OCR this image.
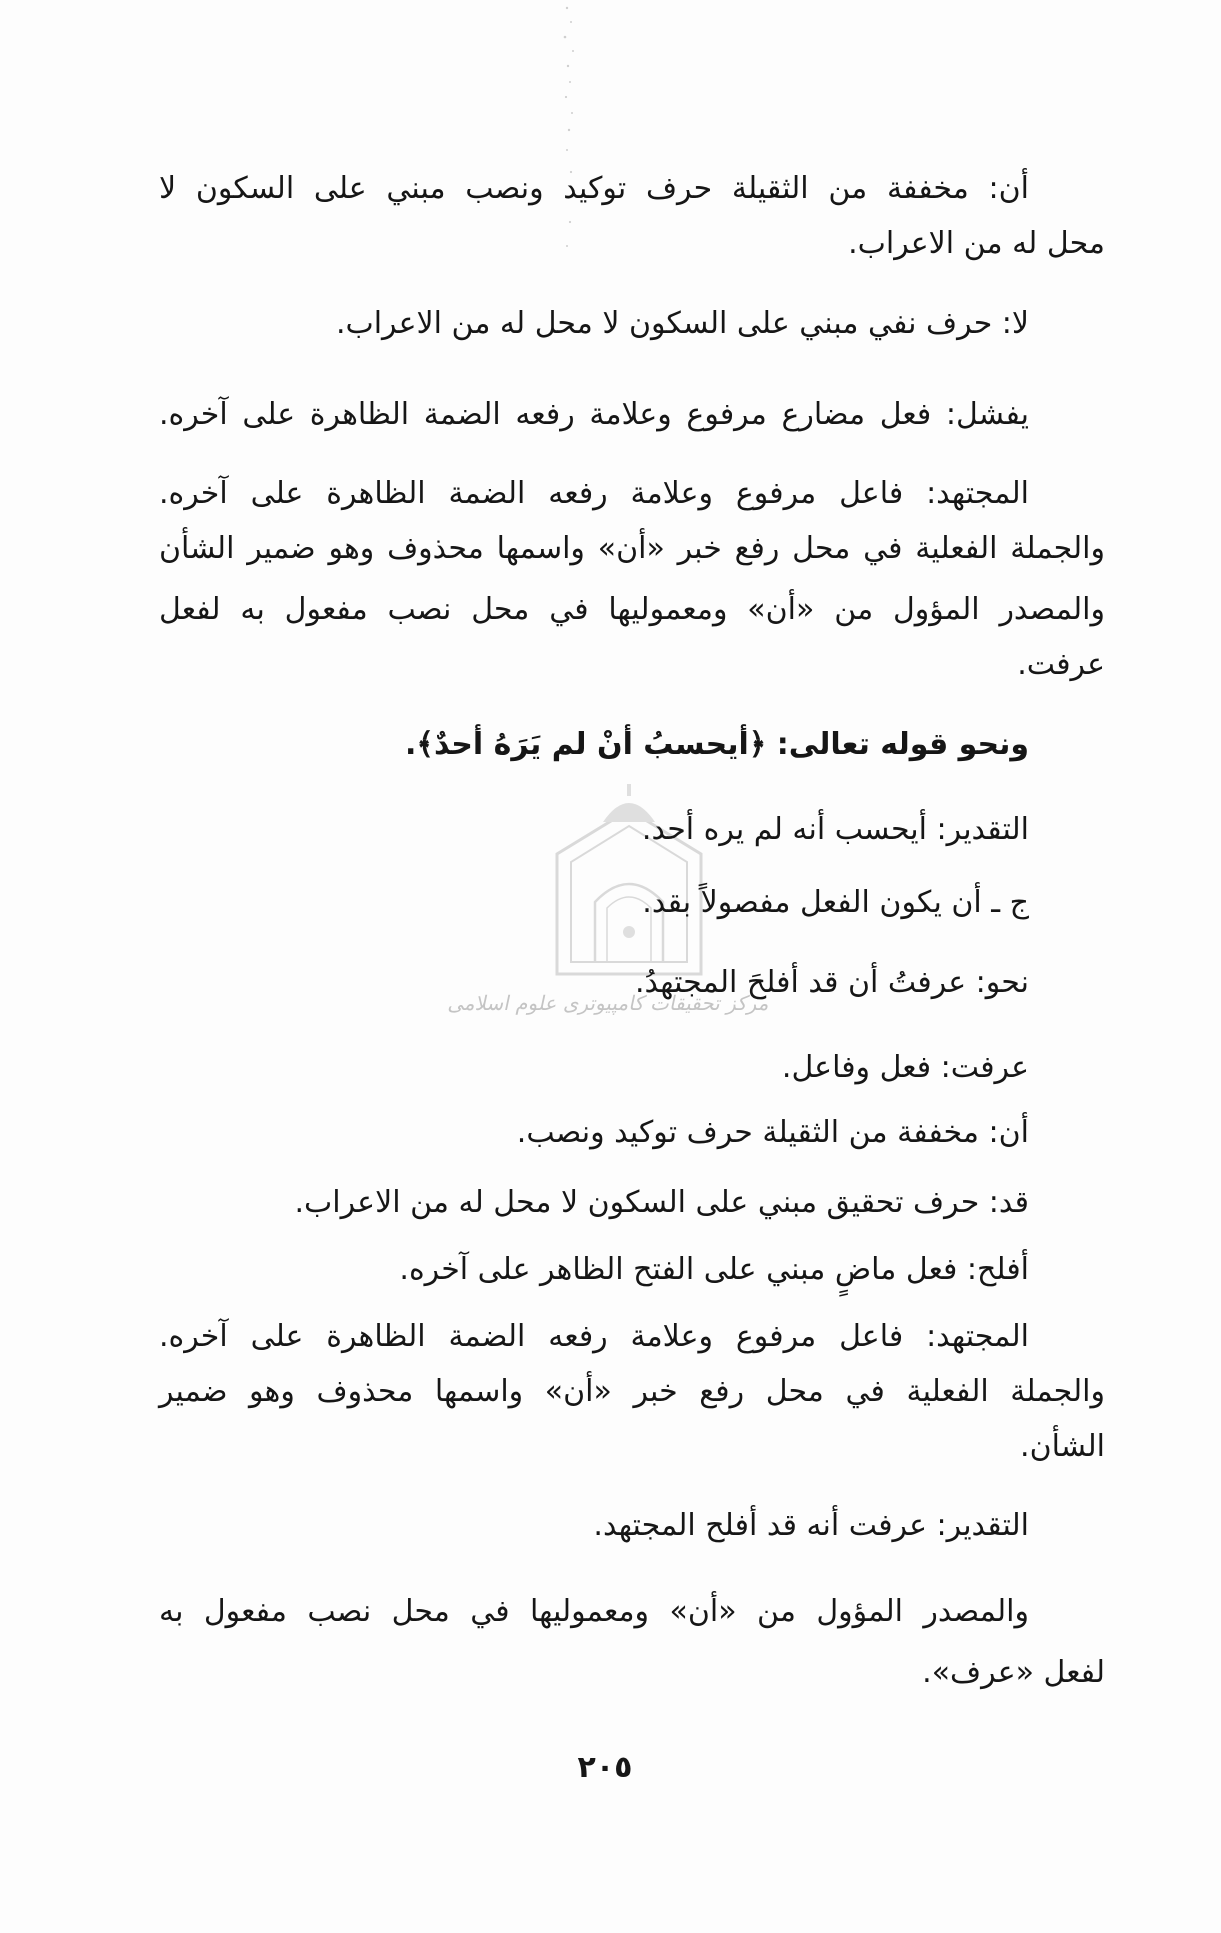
أن: مخففة من الثقيلة حرف توكيد ونصب مبني على السكون لا
محل له من الاعراب.
لا: حرف نفي مبني على السكون لا محل له من الاعراب.
يفشل: فعل مضارع مرفوع وعلامة رفعه الضمة الظاهرة على آخره.
المجتهد: فاعل مرفوع وعلامة رفعه الضمة الظاهرة على آخره.
والجملة الفعلية في محل رفع خبر «أن» واسمها محذوف وهو ضمير الشأن
والمصدر المؤول من «أن» ومعموليها في محل نصب مفعول به لفعل
عرفت.
ونحو قوله تعالى: ﴿أيحسبُ أنْ لم يَرَهُ أحدٌ﴾.
التقدير: أيحسب أنه لم يره أحد.
ج ـ أن يكون الفعل مفصولاً بقد.
نحو: عرفتُ أن قد أفلحَ المجتهدُ.
عرفت: فعل وفاعل.
أن: مخففة من الثقيلة حرف توكيد ونصب.
قد: حرف تحقيق مبني على السكون لا محل له من الاعراب.
أفلح: فعل ماضٍ مبني على الفتح الظاهر على آخره.
المجتهد: فاعل مرفوع وعلامة رفعه الضمة الظاهرة على آخره.
والجملة الفعلية في محل رفع خبر «أن» واسمها محذوف وهو ضمير
الشأن.
التقدير: عرفت أنه قد أفلح المجتهد.
والمصدر المؤول من «أن» ومعموليها في محل نصب مفعول به
لفعل «عرف».
مرکز تحقیقات کامپیوتری علوم اسلامی
٢٠٥
